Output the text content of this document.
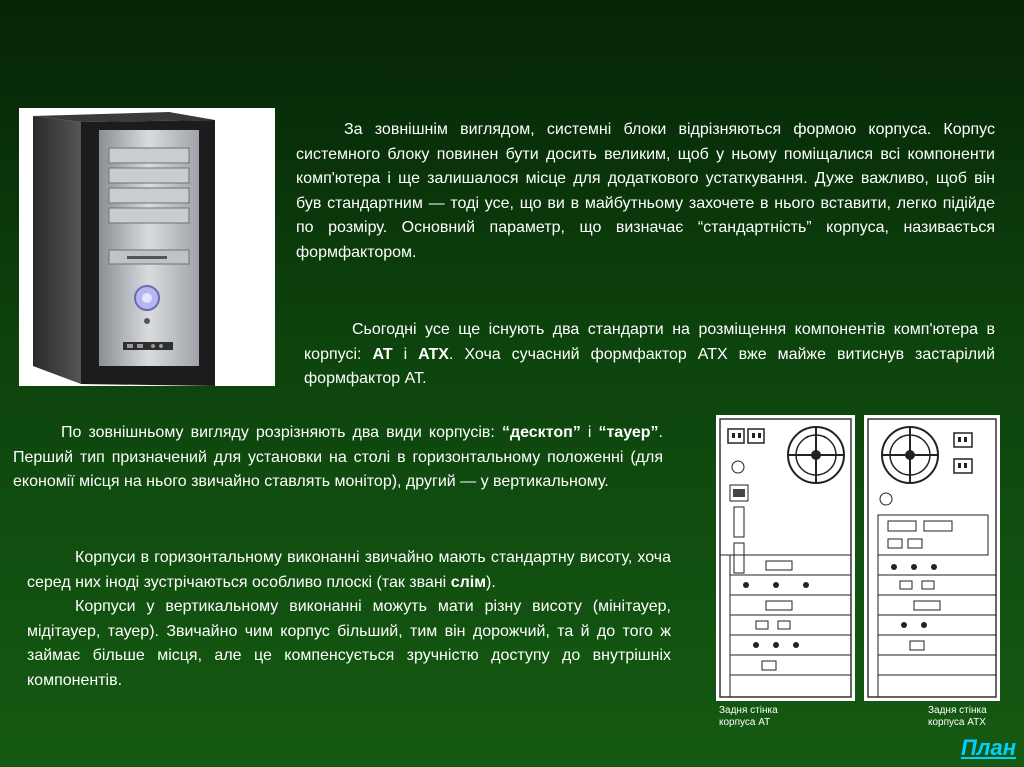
За зовнішнім виглядом, системні блоки відрізняються формою корпуса. Корпус системного блоку повинен бути досить великим, щоб у ньому поміщалися всі компоненти комп'ютера і ще залишалося місце для додаткового устаткування. Дуже важливо, щоб він був стандартним — тоді усе, що ви в майбутньому захочете в нього вставити, легко підійде по розміру. Основний параметр, що визначає “стандартність” корпуса, називається формфактором.

Сьогодні усе ще існують два стандарти на розміщення компонентів комп'ютера в корпусі: AT і ATX. Хоча сучасний формфактор ATX вже майже витиснув застарілий формфактор AT.

По зовнішньому вигляду розрізняють два види корпусів: “десктоп” і “тауер”. Перший тип призначений для установки на столі в горизонтальному положенні (для економії місця на нього звичайно ставлять монітор), другий — у вертикальному.

Корпуси в горизонтальному виконанні звичайно мають стандартну висоту, хоча серед них іноді зустрічаються особливо плоскі (так звані слім).

Корпуси у вертикальному виконанні можуть мати різну висоту (мінітауер, мідітауер, тауер). Звичайно чим корпус більший, тим він дорожчий, та й до того ж займає більше місця, але це компенсується зручністю доступу до внутрішніх компонентів.

Задня стінка
корпуса АТ
Задня стінка
корпуса АТХ
План
